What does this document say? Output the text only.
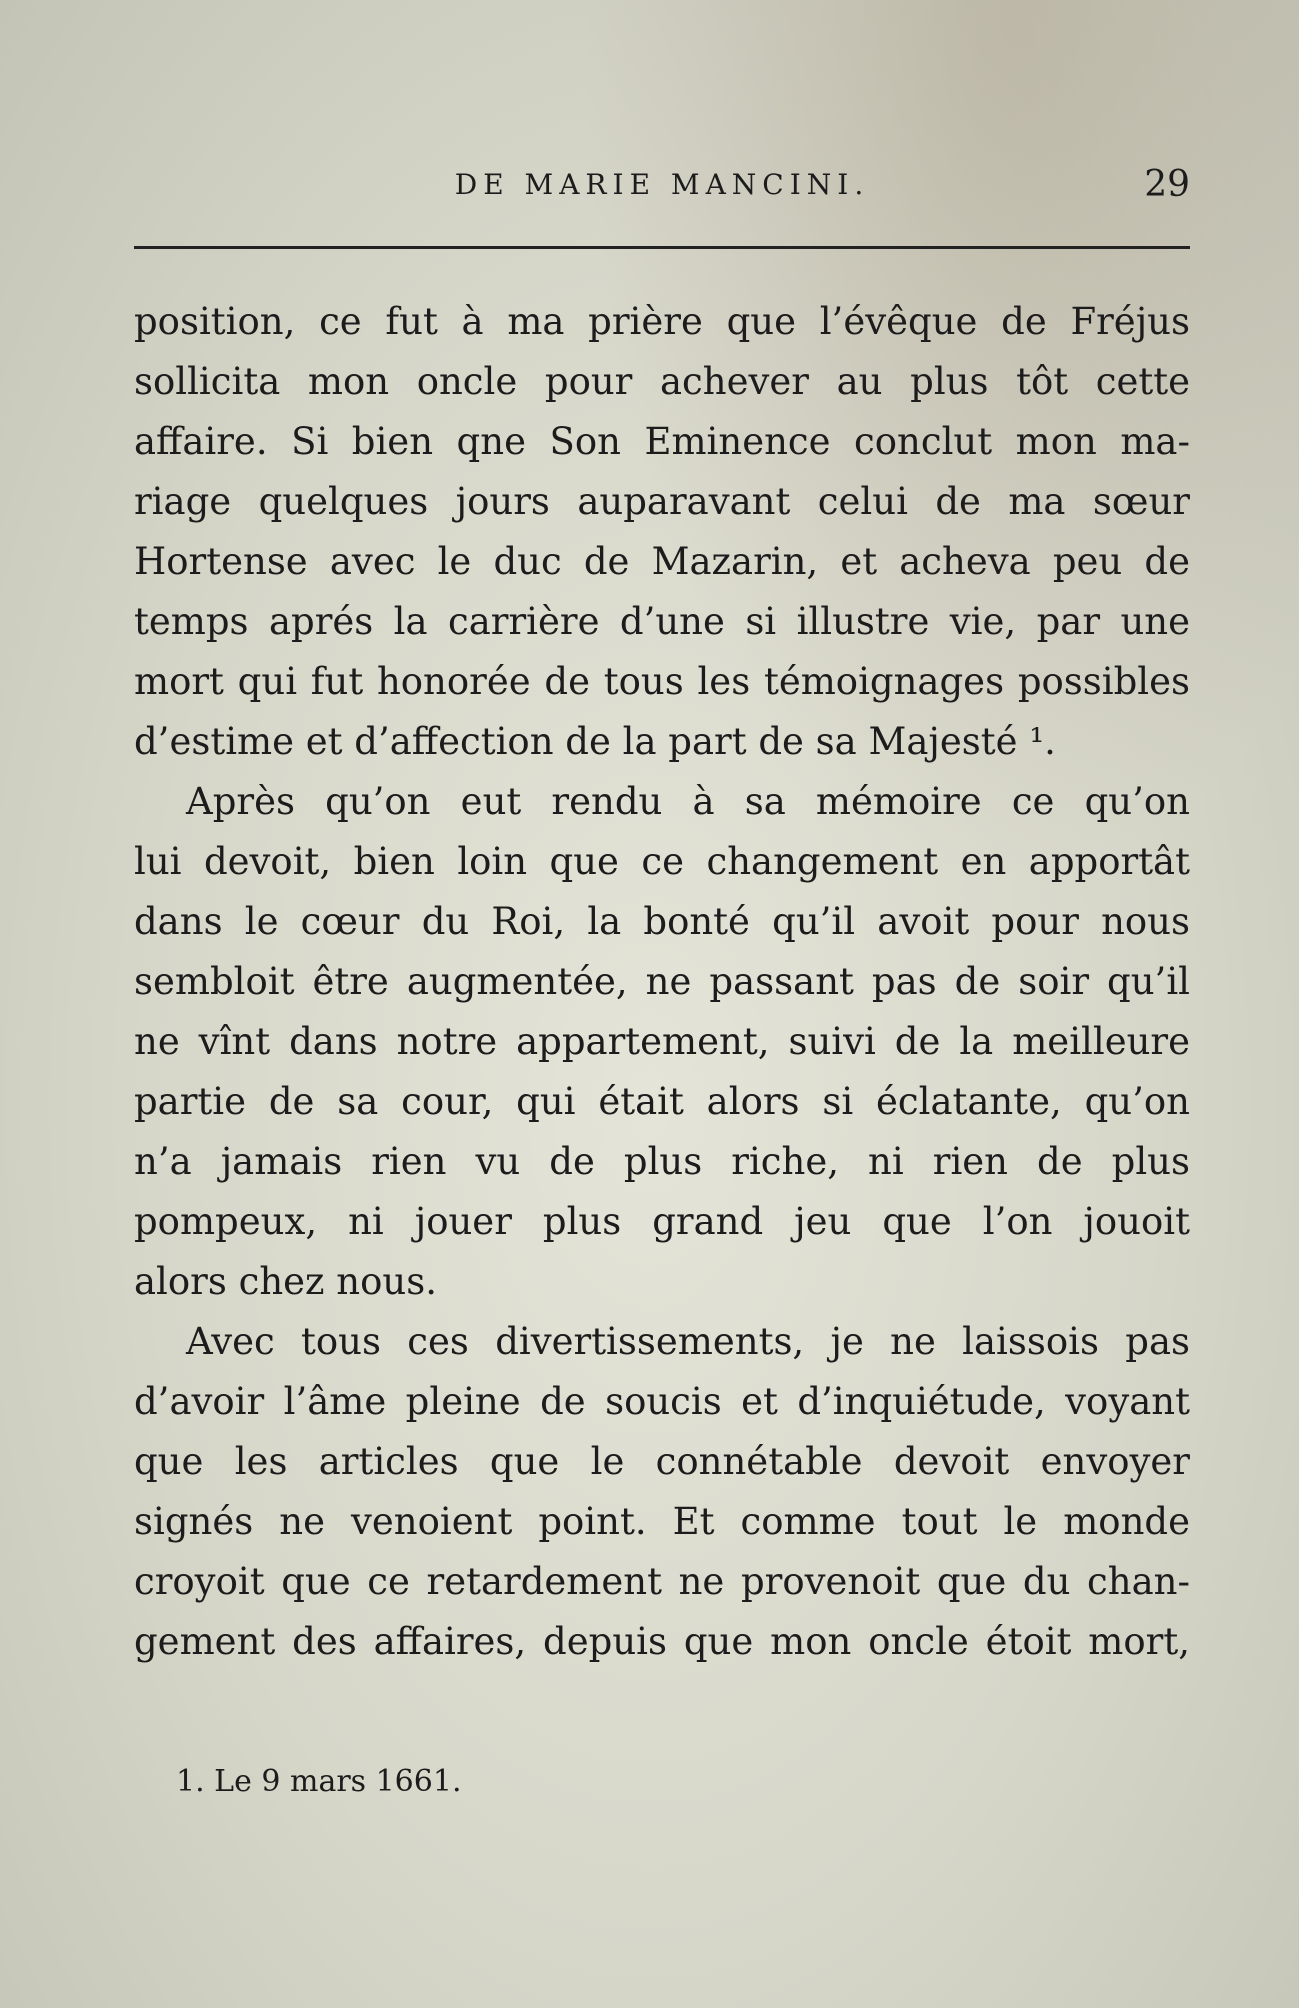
DE MARIE MANCINI.	29
position, ce fut à ma prière que l’évêque de Fréjus
sollicita mon oncle pour achever au plus tôt cette
affaire. Si bien qne Son Eminence conclut mon ma-
riage quelques jours auparavant celui de ma sœur
Hortense avec le duc de Mazarin, et acheva peu de
temps aprés la carrière d’une si illustre vie, par une
mort qui fut honorée de tous les témoignages possibles
d’estime et d’affection de la part de sa Majesté ¹.
Après qu’on eut rendu à sa mémoire ce qu’on
lui devoit, bien loin que ce changement en apportât
dans le cœur du Roi, la bonté qu’il avoit pour nous
sembloit être augmentée, ne passant pas de soir qu’il
ne vînt dans notre appartement, suivi de la meilleure
partie de sa cour, qui était alors si éclatante, qu’on
n’a jamais rien vu de plus riche, ni rien de plus
pompeux, ni jouer plus grand jeu que l’on jouoit
alors chez nous.
Avec tous ces divertissements, je ne laissois pas
d’avoir l’âme pleine de soucis et d’inquiétude, voyant
que les articles que le connétable devoit envoyer
signés ne venoient point. Et comme tout le monde
croyoit que ce retardement ne provenoit que du chan-
gement des affaires, depuis que mon oncle étoit mort,
1. Le 9 mars 1661.
